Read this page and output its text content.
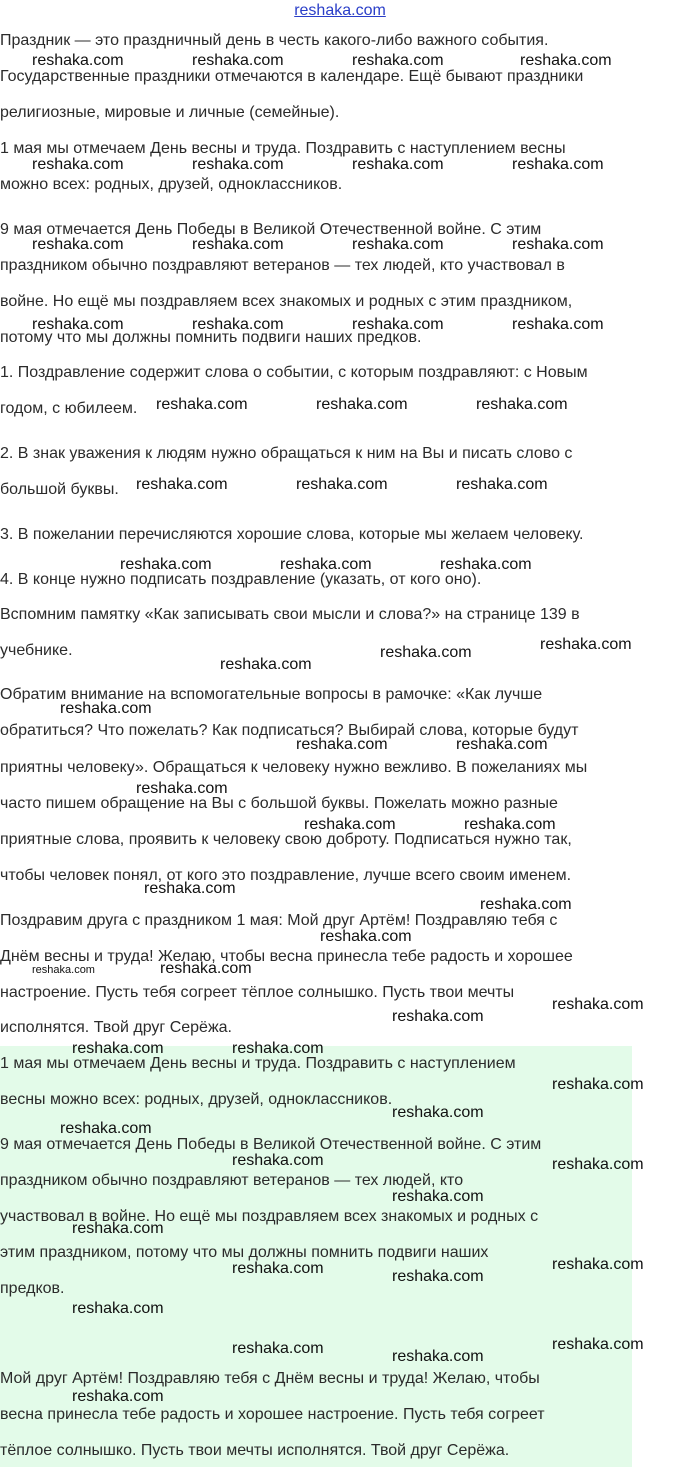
reshaka.com
Праздник — это праздничный день в честь какого-либо важного события.
Государственные праздники отмечаются в календаре. Ещё бывают праздники
религиозные, мировые и личные (семейные).
1 мая мы отмечаем День весны и труда. Поздравить с наступлением весны
можно всех: родных, друзей, одноклассников.
9 мая отмечается День Победы в Великой Отечественной войне. С этим
праздником обычно поздравляют ветеранов — тех людей, кто участвовал в
войне. Но ещё мы поздравляем всех знакомых и родных с этим праздником,
потому что мы должны помнить подвиги наших предков.
1. Поздравление содержит слова о событии, с которым поздравляют: с Новым
годом, с юбилеем.
2. В знак уважения к людям нужно обращаться к ним на Вы и писать слово с
большой буквы.
3. В пожелании перечисляются хорошие слова, которые мы желаем человеку.
4. В конце нужно подписать поздравление (указать, от кого оно).
Вспомним памятку «Как записывать свои мысли и слова?» на странице 139 в
учебнике.
Обратим внимание на вспомогательные вопросы в рамочке: «Как лучше
обратиться? Что пожелать? Как подписаться? Выбирай слова, которые будут
приятны человеку». Обращаться к человеку нужно вежливо. В пожеланиях мы
часто пишем обращение на Вы с большой буквы. Пожелать можно разные
приятные слова, проявить к человеку свою доброту. Подписаться нужно так,
чтобы человек понял, от кого это поздравление, лучше всего своим именем.
Поздравим друга с праздником 1 мая: Мой друг Артём! Поздравляю тебя с
Днём весны и труда! Желаю, чтобы весна принесла тебе радость и хорошее
настроение. Пусть тебя согреет тёплое солнышко. Пусть твои мечты
исполнятся. Твой друг Серёжа.
1 мая мы отмечаем День весны и труда. Поздравить с наступлением
весны можно всех: родных, друзей, одноклассников.
9 мая отмечается День Победы в Великой Отечественной войне. С этим
праздником обычно поздравляют ветеранов — тех людей, кто
участвовал в войне. Но ещё мы поздравляем всех знакомых и родных с
этим праздником, потому что мы должны помнить подвиги наших
предков.
Мой друг Артём! Поздравляю тебя с Днём весны и труда! Желаю, чтобы
весна принесла тебе радость и хорошее настроение. Пусть тебя согреет
тёплое солнышко. Пусть твои мечты исполнятся. Твой друг Серёжа.
reshaka.com	reshaka.com	reshaka.com	reshaka.com
reshaka.com	reshaka.com	reshaka.com	reshaka.com
reshaka.com	reshaka.com	reshaka.com	reshaka.com
reshaka.com	reshaka.com	reshaka.com	reshaka.com
reshaka.com	reshaka.com	reshaka.com
reshaka.com	reshaka.com	reshaka.com
reshaka.com	reshaka.com	reshaka.com
reshaka.com
reshaka.com
reshaka.com
reshaka.com
reshaka.com	reshaka.com
reshaka.com
reshaka.com	reshaka.com
reshaka.com
reshaka.com
reshaka.com
reshaka.com	reshaka.com
reshaka.com
reshaka.com
reshaka.com	reshaka.com
reshaka.com
reshaka.com
reshaka.com
reshaka.com	reshaka.com
reshaka.com
reshaka.com
reshaka.com
reshaka.com	reshaka.com
reshaka.com
reshaka.com	reshaka.com
reshaka.com
reshaka.com
